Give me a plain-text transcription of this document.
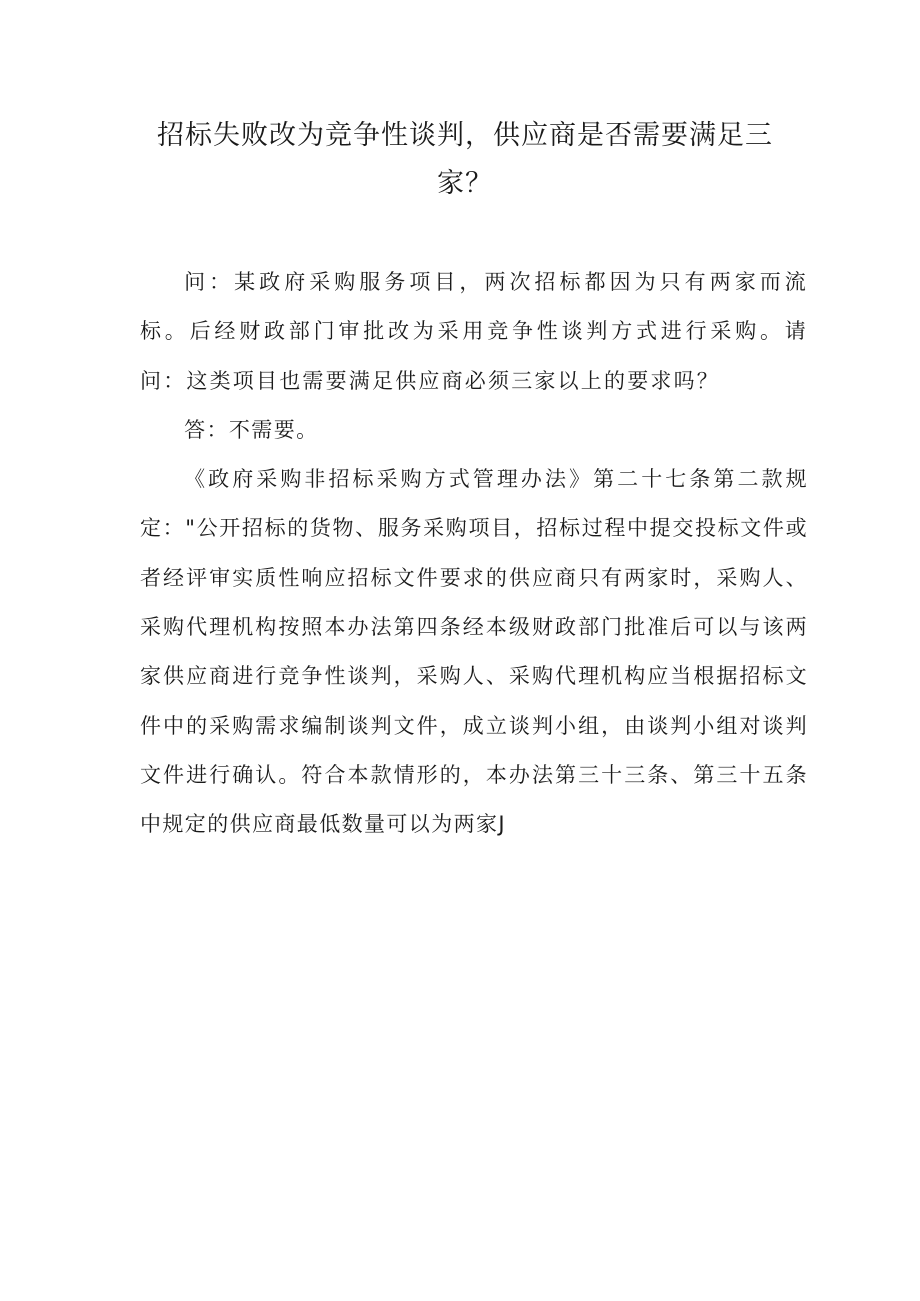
招标失败改为竞争性谈判，供应商是否需要满足三家？

问：某政府采购服务项目，两次招标都因为只有两家而流标。后经财政部门审批改为采用竞争性谈判方式进行采购。请问：这类项目也需要满足供应商必须三家以上的要求吗？

答：不需要。

《政府采购非招标采购方式管理办法》第二十七条第二款规定："公开招标的货物、服务采购项目，招标过程中提交投标文件或者经评审实质性响应招标文件要求的供应商只有两家时，采购人、采购代理机构按照本办法第四条经本级财政部门批准后可以与该两家供应商进行竞争性谈判，采购人、采购代理机构应当根据招标文件中的采购需求编制谈判文件，成立谈判小组，由谈判小组对谈判文件进行确认。符合本款情形的，本办法第三十三条、第三十五条中规定的供应商最低数量可以为两家J
